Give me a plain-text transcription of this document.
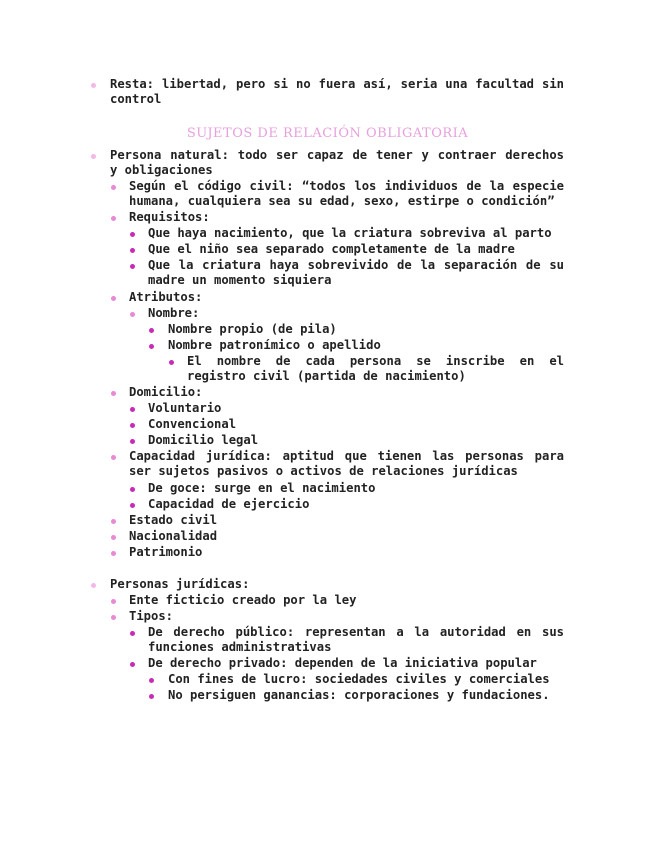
Resta: libertad, pero si no fuera así, seria una facultad sin control
SUJETOS DE RELACIÓN OBLIGATORIA
Persona natural: todo ser capaz de tener y contraer derechos y obligaciones
Según el código civil: “todos los individuos de la especie humana, cualquiera sea su edad, sexo, estirpe o condición”
Requisitos:
Que haya nacimiento, que la criatura sobreviva al parto
Que el niño sea separado completamente de la madre
Que la criatura haya sobrevivido de la separación de su madre un momento siquiera
Atributos:
Nombre:
Nombre propio (de pila)
Nombre patronímico o apellido
El nombre de cada persona se inscribe en el registro civil (partida de nacimiento)
Domicilio:
Voluntario
Convencional
Domicilio legal
Capacidad jurídica: aptitud que tienen las personas para ser sujetos pasivos o activos de relaciones jurídicas
De goce: surge en el nacimiento
Capacidad de ejercicio
Estado civil
Nacionalidad
Patrimonio
Personas jurídicas:
Ente ficticio creado por la ley
Tipos:
De derecho público: representan a la autoridad en sus funciones administrativas
De derecho privado: dependen de la iniciativa popular
Con fines de lucro: sociedades civiles y comerciales
No persiguen ganancias: corporaciones y fundaciones.
